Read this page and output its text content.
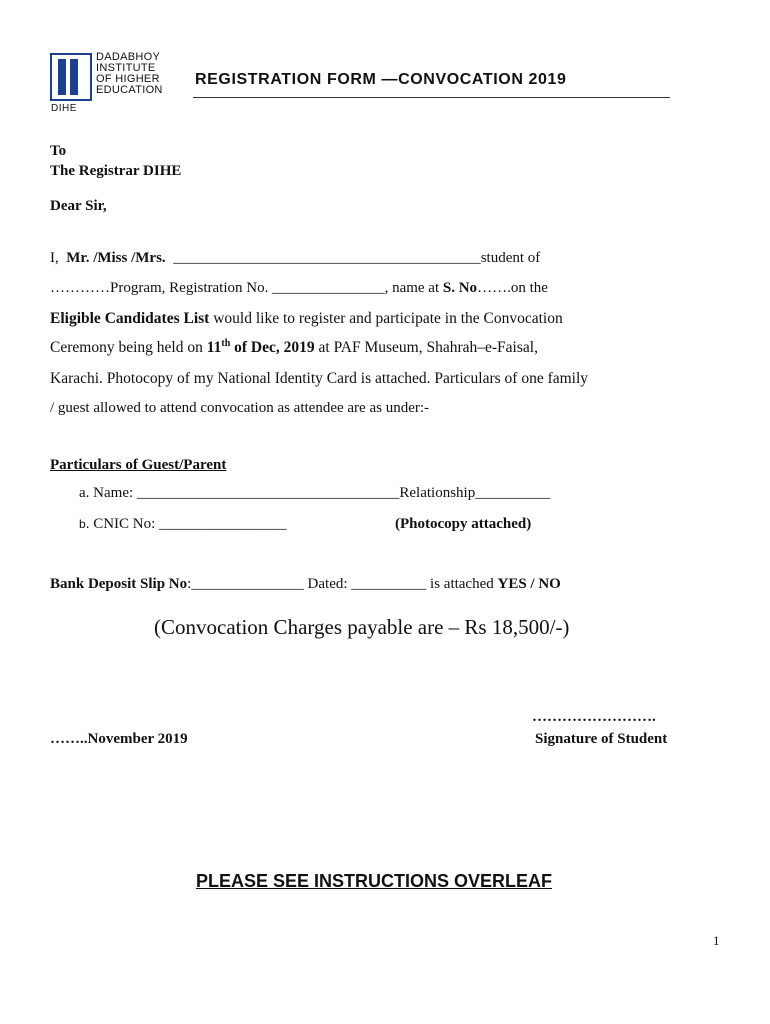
DADABHOY
INSTITUTE
OF HIGHER
EDUCATION
DIHE
REGISTRATION FORM —CONVOCATION 2019
To
The Registrar DIHE
Dear Sir,
I, Mr. /Miss /Mrs. _________________________________________student of
…………Program, Registration No. _______________, name at S. No…….on the
Eligible Candidates List would like to register and participate in the Convocation
Ceremony being held on 11th of Dec, 2019 at PAF Museum, Shahrah–e-Faisal,
Karachi. Photocopy of my National Identity Card is attached. Particulars of one family
/ guest allowed to attend convocation as attendee are as under:-
Particulars of Guest/Parent
a. Name: ___________________________________Relationship__________
b. CNIC No: _________________	(Photocopy attached)
Bank Deposit Slip No:_______________ Dated: __________ is attached YES / NO
(Convocation Charges payable are – Rs 18,500/-)
…………………….
……..November 2019	Signature of Student
PLEASE SEE INSTRUCTIONS OVERLEAF
1
